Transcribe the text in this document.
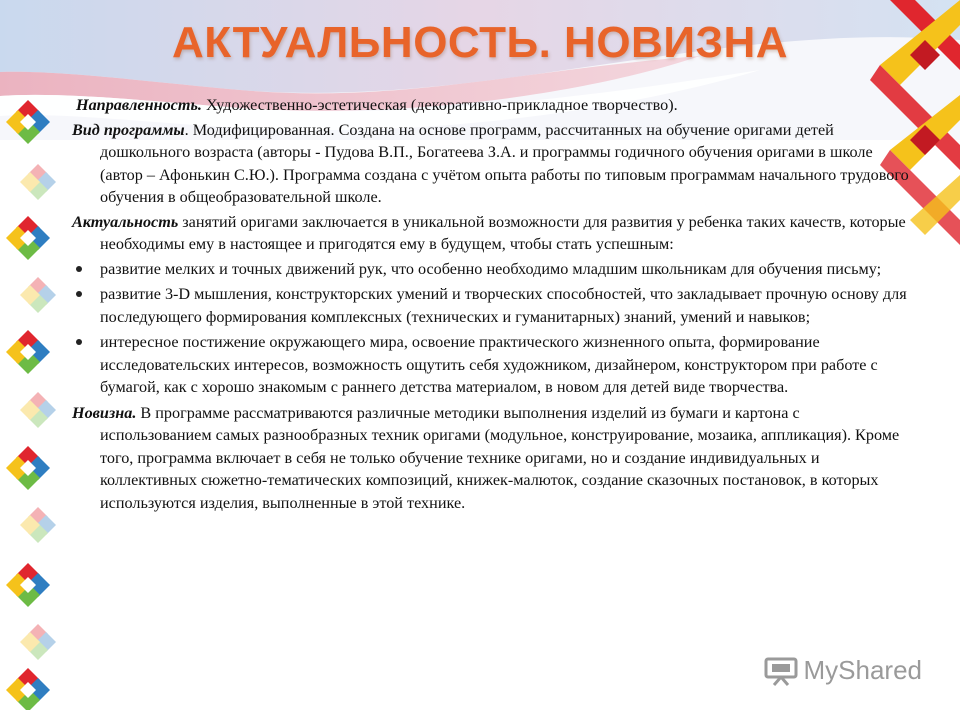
АКТУАЛЬНОСТЬ. НОВИЗНА

Направленность. Художественно-эстетическая (декоративно-прикладное творчество).

Вид программы. Модифицированная. Создана на основе программ, рассчитанных на обучение оригами детей дошкольного возраста (авторы - Пудова В.П., Богатеева З.А. и программы годичного обучения оригами в школе (автор – Афонькин С.Ю.). Программа создана с учётом опыта работы по типовым программам начального трудового обучения в общеобразовательной школе.

Актуальность занятий оригами заключается в уникальной возможности для развития у ребенка таких качеств, которые необходимы ему в настоящее и пригодятся ему в будущем, чтобы стать успешным:

развитие мелких и точных движений рук, что особенно необходимо младшим школьникам для обучения письму;
развитие 3-D мышления, конструкторских умений и творческих способностей, что закладывает прочную основу для последующего формирования комплексных (технических и гуманитарных) знаний, умений и навыков;
интересное постижение окружающего мира, освоение практического жизненного опыта, формирование исследовательских интересов, возможность ощутить себя художником, дизайнером, конструктором при работе с бумагой, как с хорошо знакомым с раннего детства материалом, в новом для детей виде творчества.

Новизна. В программе рассматриваются различные методики выполнения изделий из бумаги и картона с использованием самых разнообразных техник оригами (модульное, конструирование, мозаика, аппликация). Кроме того, программа включает в себя не только обучение технике оригами, но и создание индивидуальных и коллективных сюжетно-тематических композиций, книжек-малюток, создание сказочных постановок, в которых используются изделия, выполненные в этой технике.

MyShared
